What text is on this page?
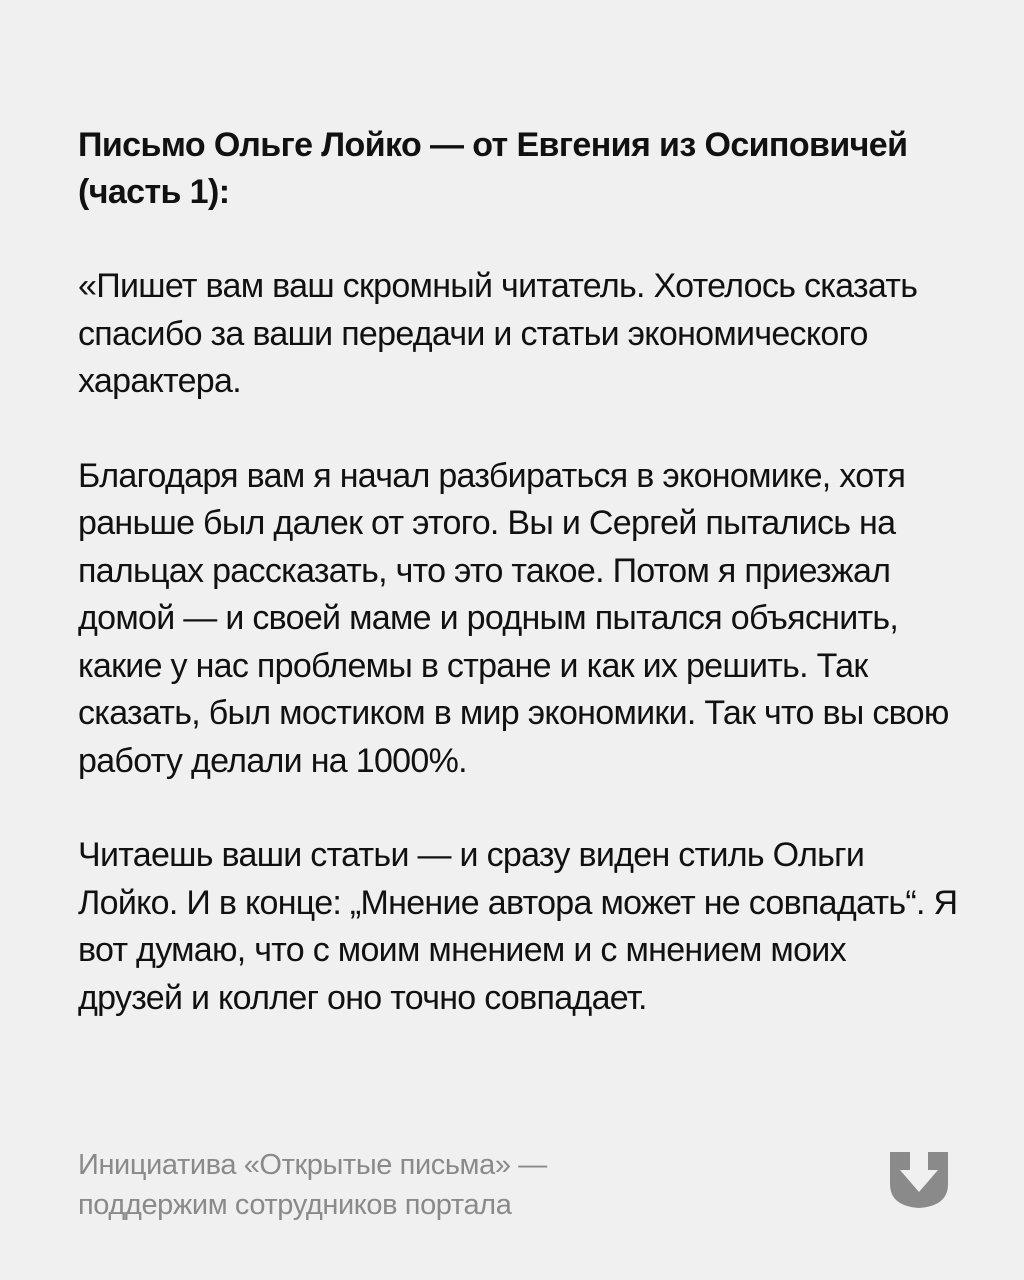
Письмо Ольге Лойко — от Евгения из Осиповичей (часть 1):

«Пишет вам ваш скромный читатель. Хотелось сказать спасибо за ваши передачи и статьи экономического характера.

Благодаря вам я начал разбираться в экономике, хотя раньше был далек от этого. Вы и Сергей пытались на пальцах рассказать, что это такое. Потом я приезжал домой — и своей маме и родным пытался объяснить, какие у нас проблемы в стране и как их решить. Так сказать, был мостиком в мир экономики. Так что вы свою работу делали на 1000%.

Читаешь ваши статьи — и сразу виден стиль Ольги Лойко. И в конце: „Мнение автора может не совпадать“. Я вот думаю, что с моим мнением и с мнением моих друзей и коллег оно точно совпадает.

Инициатива «Открытые письма» —
поддержим сотрудников портала
